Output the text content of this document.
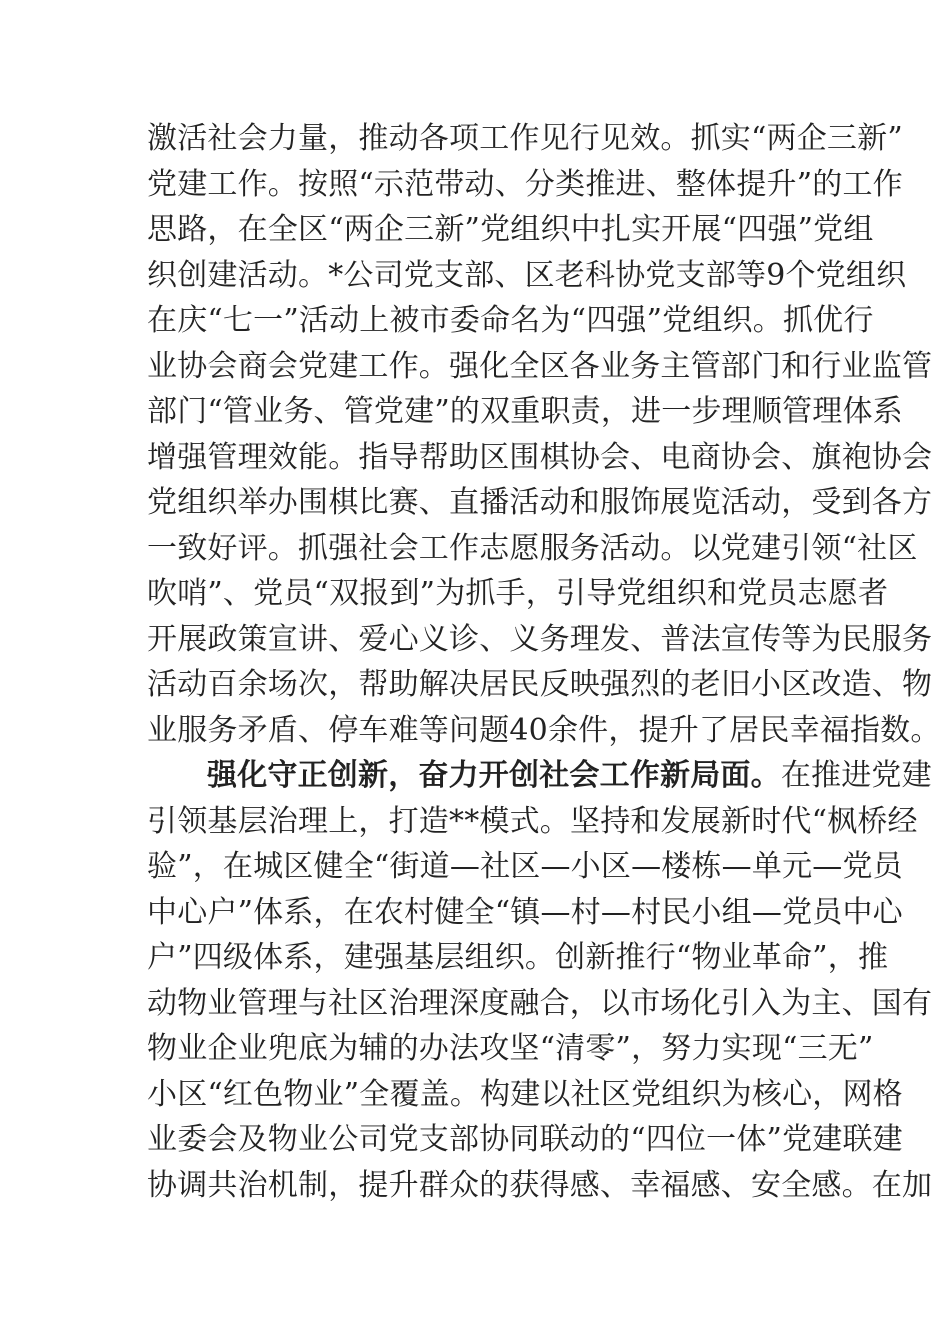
激活社会力量，推动各项工作见行见效。抓实“两企三新”
党建工作。按照“示范带动、分类推进、整体提升”的工作
思路，在全区“两企三新”党组织中扎实开展“四强”党组
织创建活动。*公司党支部、区老科协党支部等9个党组织
在庆“七一”活动上被市委命名为“四强”党组织。抓优行
业协会商会党建工作。强化全区各业务主管部门和行业监管
部门“管业务、管党建”的双重职责，进一步理顺管理体系
增强管理效能。指导帮助区围棋协会、电商协会、旗袍协会
党组织举办围棋比赛、直播活动和服饰展览活动，受到各方
一致好评。抓强社会工作志愿服务活动。以党建引领“社区
吹哨”、党员“双报到”为抓手，引导党组织和党员志愿者
开展政策宣讲、爱心义诊、义务理发、普法宣传等为民服务
活动百余场次，帮助解决居民反映强烈的老旧小区改造、物
业服务矛盾、停车难等问题40余件，提升了居民幸福指数。
强化守正创新，奋力开创社会工作新局面。在推进党建
引领基层治理上，打造**模式。坚持和发展新时代“枫桥经
验”，在城区健全“街道—社区—小区—楼栋—单元—党员
中心户”体系，在农村健全“镇—村—村民小组—党员中心
户”四级体系，建强基层组织。创新推行“物业革命”，推
动物业管理与社区治理深度融合，以市场化引入为主、国有
物业企业兜底为辅的办法攻坚“清零”，努力实现“三无”
小区“红色物业”全覆盖。构建以社区党组织为核心，网格
业委会及物业公司党支部协同联动的“四位一体”党建联建
协调共治机制，提升群众的获得感、幸福感、安全感。在加
